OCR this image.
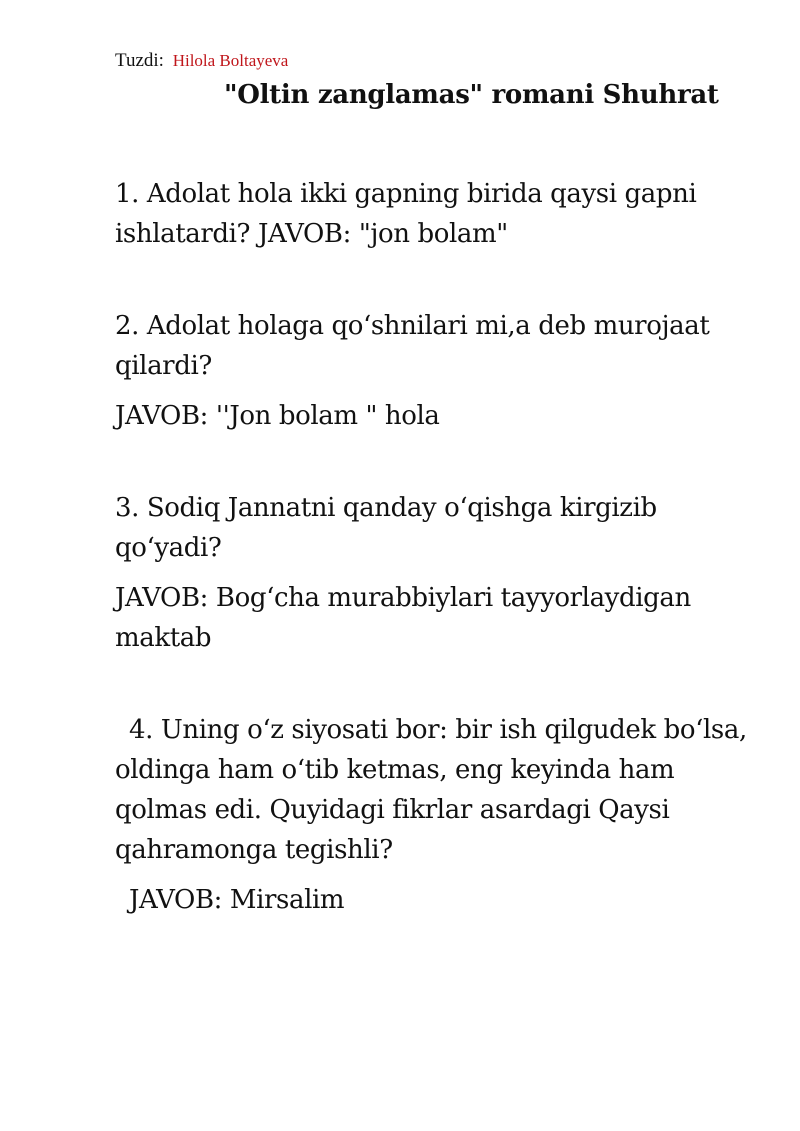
Tuzdi: Hilola Boltayeva
"Oltin zanglamas" romani Shuhrat

1. Adolat hola ikki gapning birida qaysi gapni ishlatardi? JAVOB: "jon bolam"

2. Adolat holaga qo‘shnilari mi,a deb murojaat qilardi?

JAVOB: ''Jon bolam " hola

3. Sodiq Jannatni qanday o‘qishga kirgizib qo‘yadi?

JAVOB: Bog‘cha murabbiylari tayyorlaydigan maktab

4. Uning o‘z siyosati bor: bir ish qilgudek bo‘lsa, oldinga ham o‘tib ketmas, eng keyinda ham qolmas edi. Quyidagi fikrlar asardagi Qaysi qahramonga tegishli?

JAVOB: Mirsalim
